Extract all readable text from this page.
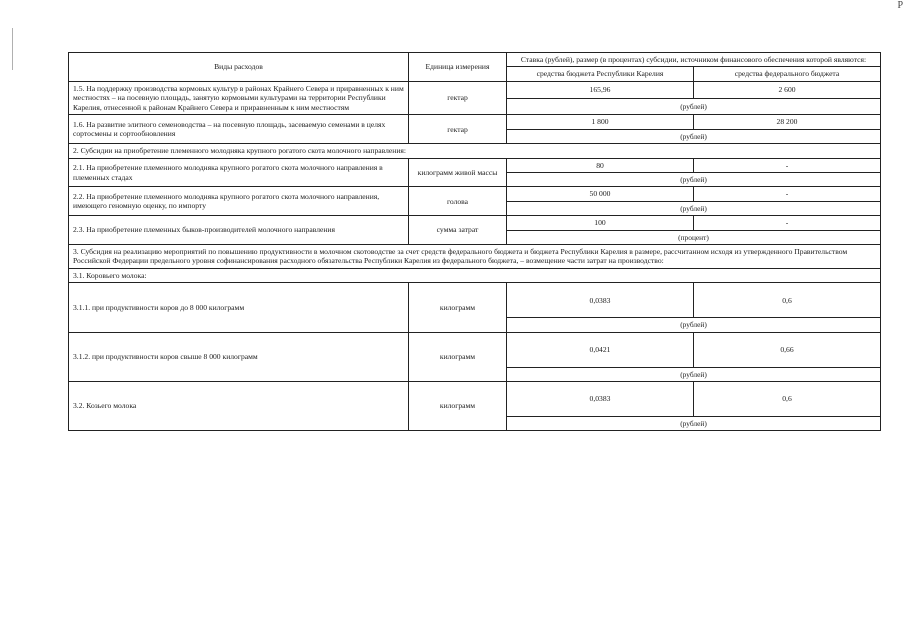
Р
Виды расходов	Единица измерения	Ставка (рублей), размер (в процентах) субсидии, источником финансового обеспечения которой являются:	
		средства бюджета Республики Карелия	средства федерального бюджета
1.5. На поддержку производства кормовых культур в районах Крайнего Севера и приравненных к ним местностях – на посевную площадь, занятую кормовыми культурами на территории Республики Карелия, отнесенной к районам Крайнего Севера и приравненным к ним местностям	гектар	165,96	2 600
		(рублей)	
1.6. На развитие элитного семеноводства – на посевную площадь, засеваемую семенами в целях сортосмены и сортообновления	гектар	1 800	28 200
		(рублей)	
2. Субсидии на приобретение племенного молодняка крупного рогатого скота молочного направления:			
2.1. На приобретение племенного молодняка крупного рогатого скота молочного направления в племенных стадах	килограмм живой массы	80	-
		(рублей)	
2.2. На приобретение племенного молодняка крупного рогатого скота молочного направления, имеющего геномную оценку, по импорту	голова	50 000	-
		(рублей)	
2.3. На приобретение племенных быков-производителей молочного направления	сумма затрат	100	-
		(процент)	
3. Субсидия на реализацию мероприятий по повышению продуктивности в молочном скотоводстве за счет средств федерального бюджета и бюджета Республики Карелия в размере, рассчитанном исходя из утвержденного Правительством Российской Федерации предельного уровня софинансирования расходного обязательства Республики Карелия из федерального бюджета, – возмещение части затрат на производство:			
3.1. Коровьего молока:			
3.1.1. при продуктивности коров до 8 000 килограмм	килограмм	0,0383	0,6
		(рублей)	
3.1.2. при продуктивности коров свыше 8 000 килограмм	килограмм	0,0421	0,66
		(рублей)	
3.2. Козьего молока	килограмм	0,0383	0,6
		(рублей)	
